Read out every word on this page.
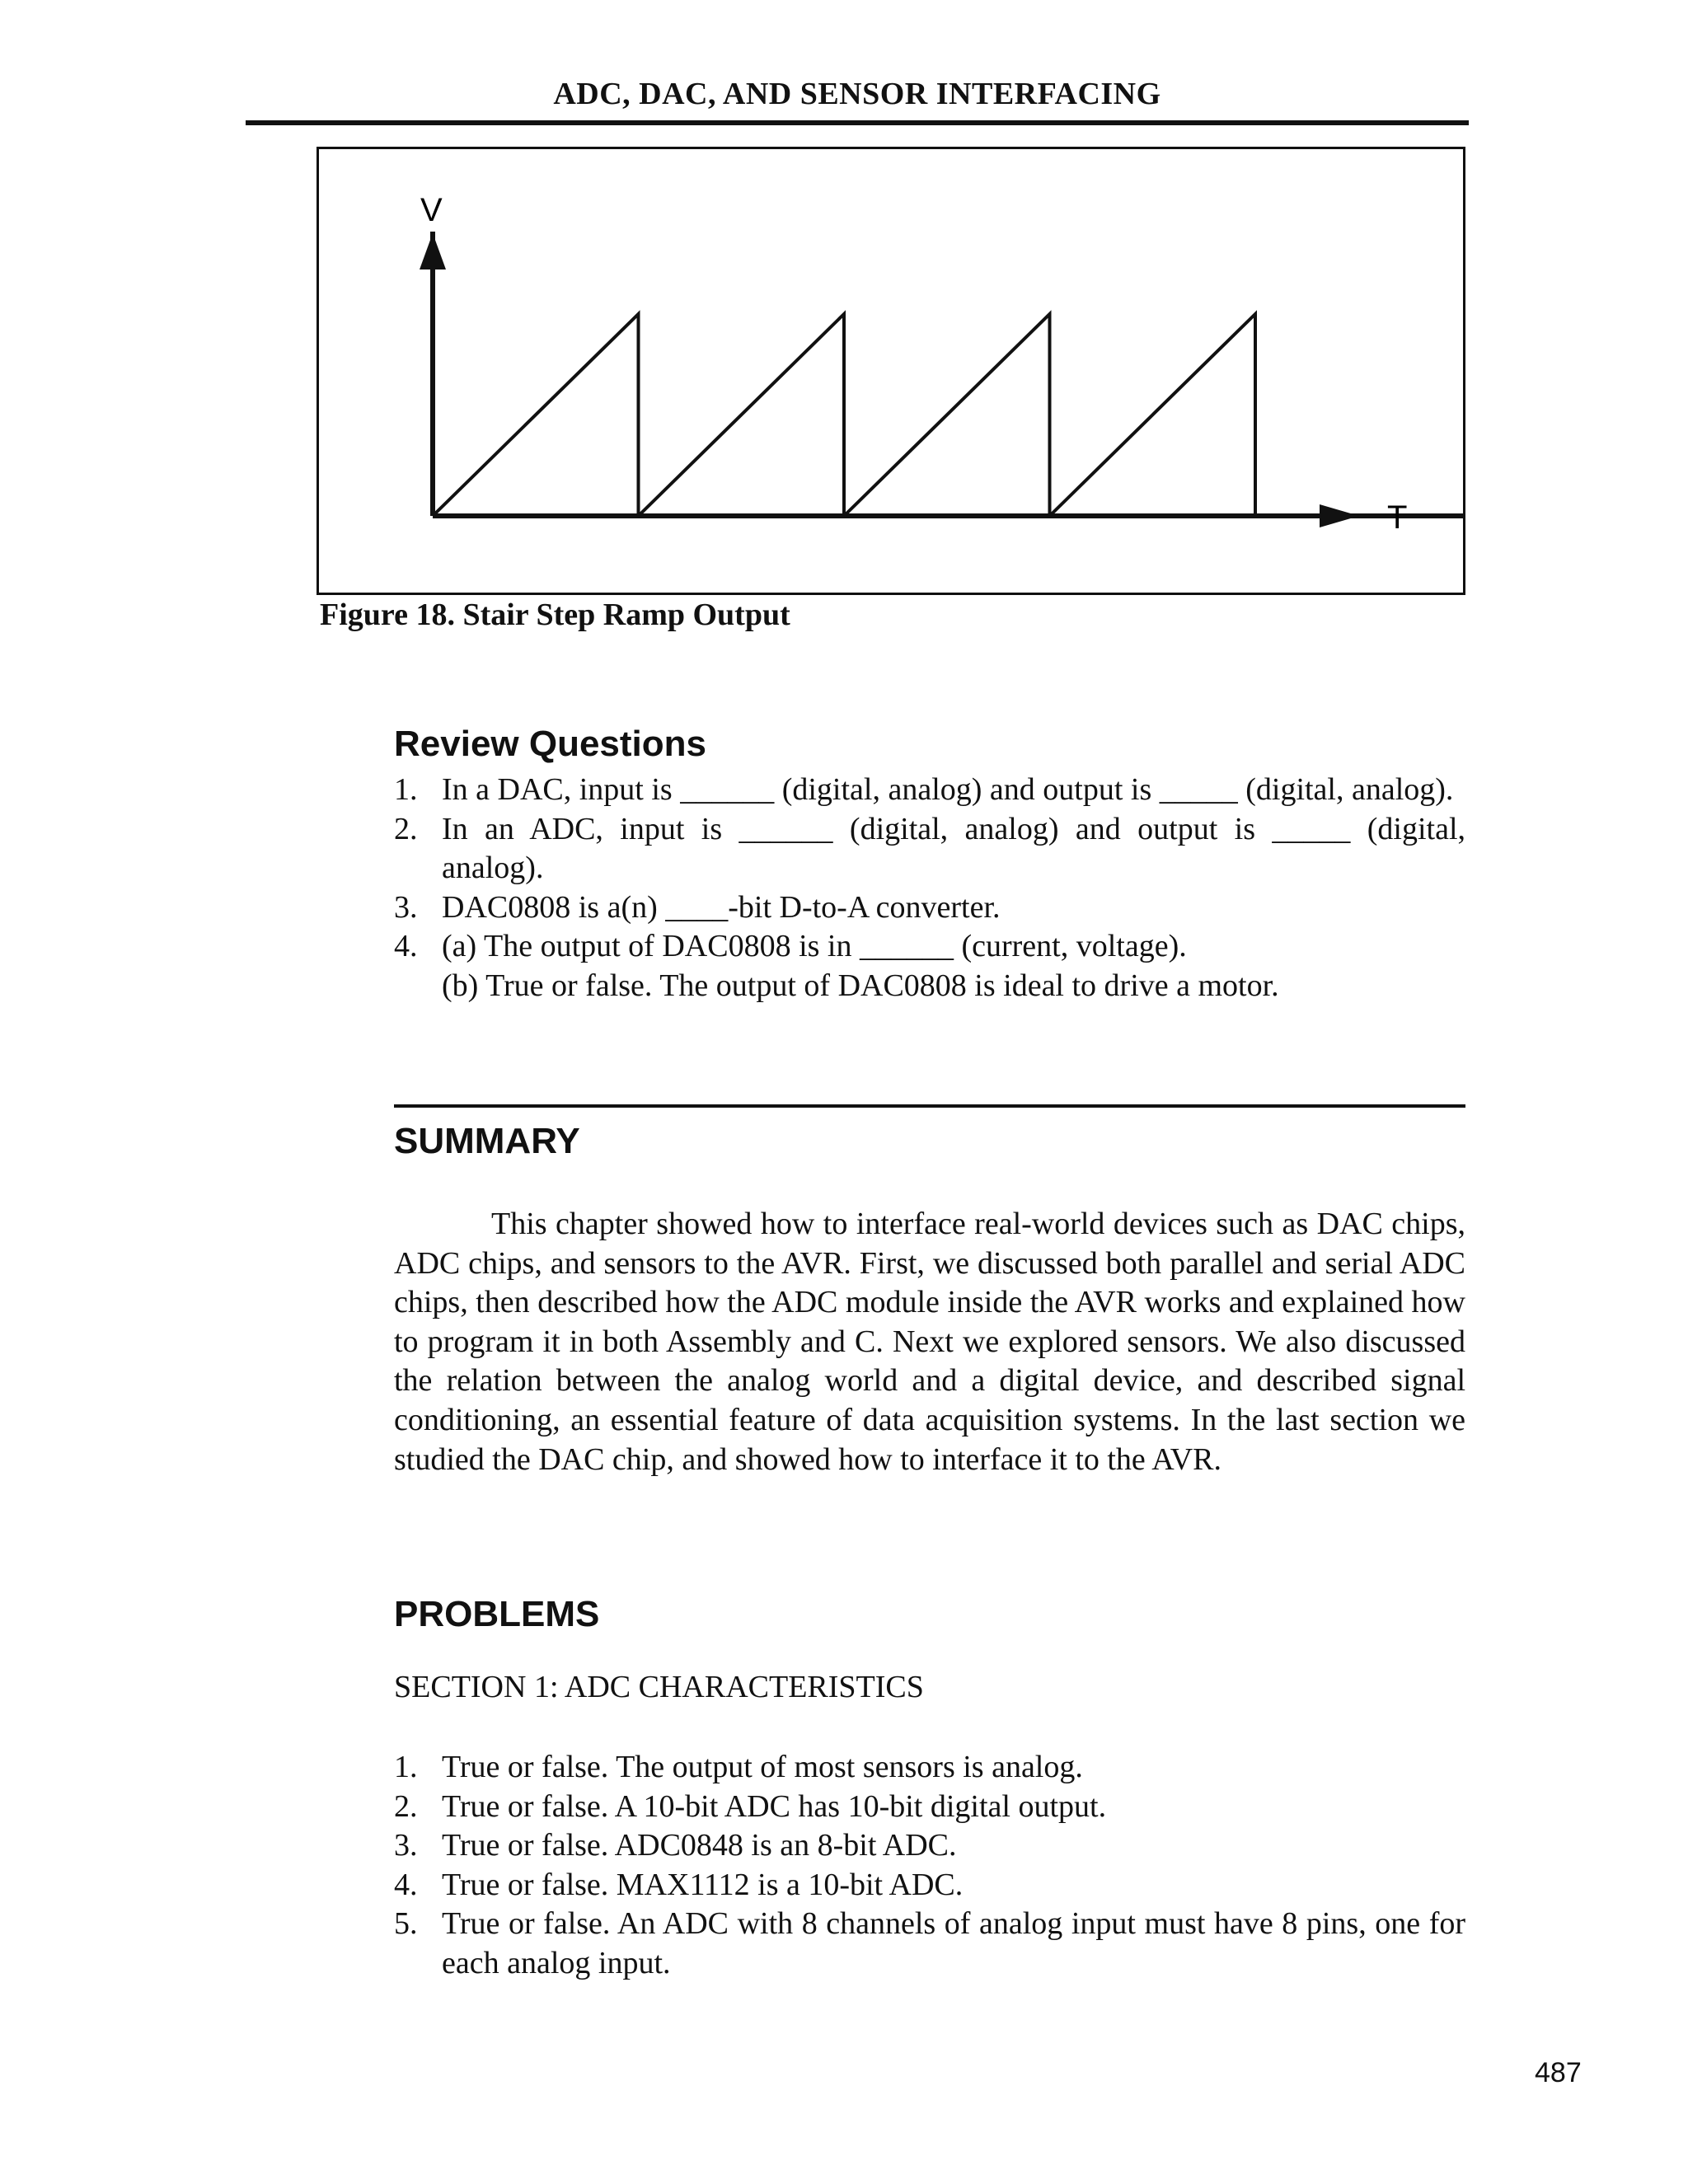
ADC, DAC, AND SENSOR INTERFACING
V
T
Figure 18. Stair Step Ramp Output
Review Questions
1. In a DAC, input is ______ (digital, analog) and output is _____ (digital, analog).
2. In an ADC, input is ______ (digital, analog) and output is _____ (digital, analog).
3. DAC0808 is a(n) ____-bit D-to-A converter.
4. (a) The output of DAC0808 is in ______ (current, voltage).
(b) True or false. The output of DAC0808 is ideal to drive a motor.
SUMMARY
This chapter showed how to interface real-world devices such as DAC chips, ADC chips, and sensors to the AVR. First, we discussed both parallel and serial ADC chips, then described how the ADC module inside the AVR works and explained how to program it in both Assembly and C. Next we explored sensors. We also discussed the relation between the analog world and a digital device, and described signal conditioning, an essential feature of data acquisition systems. In the last section we studied the DAC chip, and showed how to interface it to the AVR.
PROBLEMS
SECTION 1: ADC CHARACTERISTICS
1. True or false. The output of most sensors is analog.
2. True or false. A 10-bit ADC has 10-bit digital output.
3. True or false. ADC0848 is an 8-bit ADC.
4. True or false. MAX1112 is a 10-bit ADC.
5. True or false. An ADC with 8 channels of analog input must have 8 pins, one for each analog input.
487
